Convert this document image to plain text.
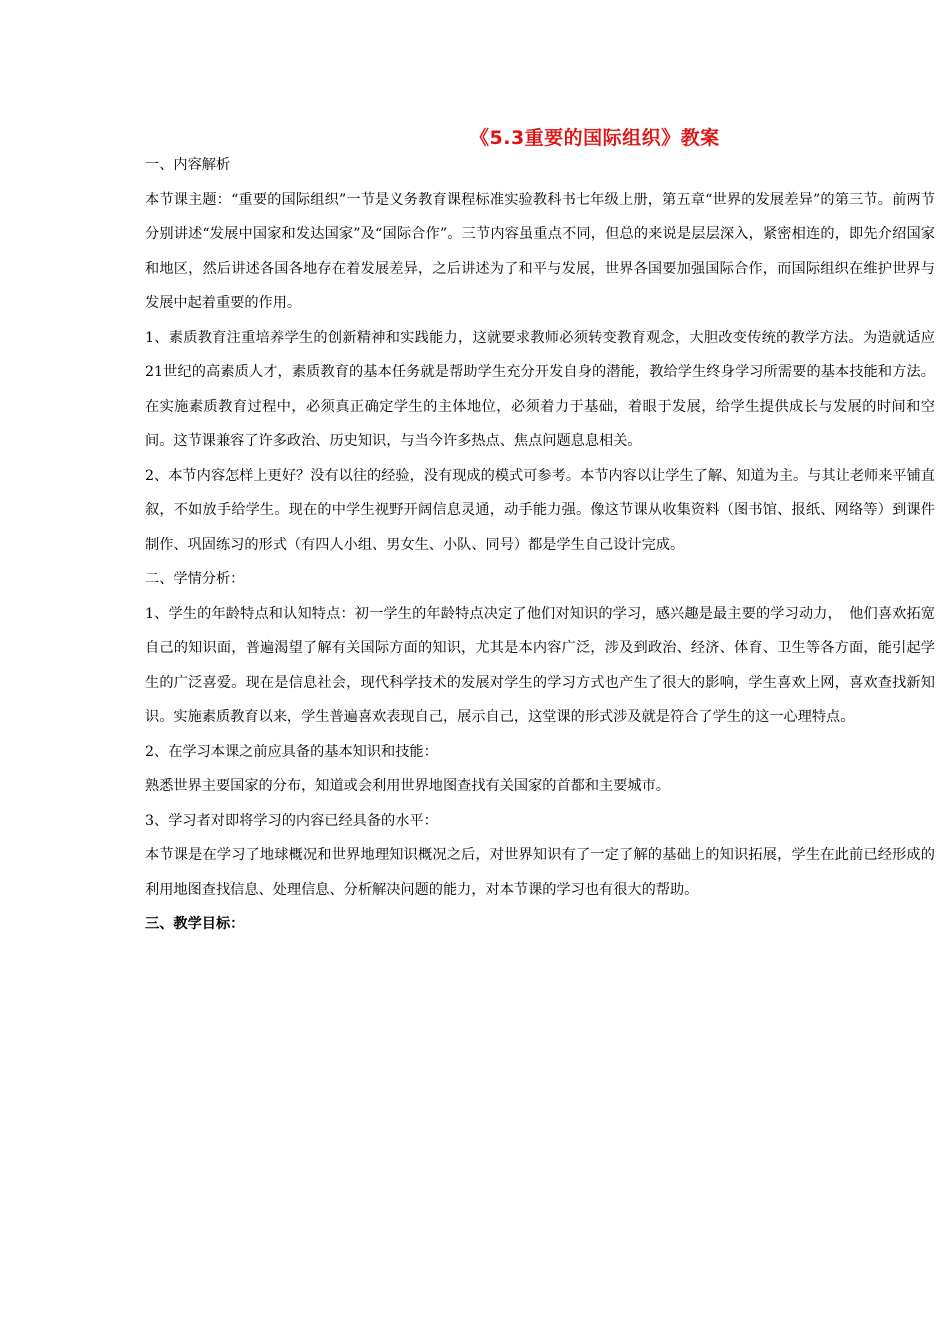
《5.3重要的国际组织》教案

一、内容解析

本节课主题：“重要的国际组织”一节是义务教育课程标准实验教科书七年级上册，第五章“世界的发展差异”的第三节。前两节分别讲述“发展中国家和发达国家”及“国际合作”。三节内容虽重点不同，但总的来说是层层深入，紧密相连的，即先介绍国家和地区，然后讲述各国各地存在着发展差异，之后讲述为了和平与发展，世界各国要加强国际合作，而国际组织在维护世界与发展中起着重要的作用。

1、素质教育注重培养学生的创新精神和实践能力，这就要求教师必须转变教育观念，大胆改变传统的教学方法。为造就适应21世纪的高素质人才，素质教育的基本任务就是帮助学生充分开发自身的潜能，教给学生终身学习所需要的基本技能和方法。在实施素质教育过程中，必须真正确定学生的主体地位，必须着力于基础，着眼于发展，给学生提供成长与发展的时间和空间。这节课兼容了许多政治、历史知识，与当今许多热点、焦点问题息息相关。

2、本节内容怎样上更好？没有以往的经验，没有现成的模式可参考。本节内容以让学生了解、知道为主。与其让老师来平铺直叙，不如放手给学生。现在的中学生视野开阔信息灵通，动手能力强。像这节课从收集资料（图书馆、报纸、网络等）到课件制作、巩固练习的形式（有四人小组、男女生、小队、同号）都是学生自己设计完成。

二、学情分析：

1、学生的年龄特点和认知特点：初一学生的年龄特点决定了他们对知识的学习，感兴趣是最主要的学习动力，　他们喜欢拓宽自己的知识面，普遍渴望了解有关国际方面的知识，尤其是本内容广泛，涉及到政治、经济、体育、卫生等各方面，能引起学生的广泛喜爱。现在是信息社会，现代科学技术的发展对学生的学习方式也产生了很大的影响，学生喜欢上网，喜欢查找新知识。实施素质教育以来，学生普遍喜欢表现自己，展示自己，这堂课的形式涉及就是符合了学生的这一心理特点。

2、在学习本课之前应具备的基本知识和技能：

熟悉世界主要国家的分布，知道或会利用世界地图查找有关国家的首都和主要城市。

3、学习者对即将学习的内容已经具备的水平：

本节课是在学习了地球概况和世界地理知识概况之后，对世界知识有了一定了解的基础上的知识拓展，学生在此前已经形成的利用地图查找信息、处理信息、分析解决问题的能力，对本节课的学习也有很大的帮助。

三、教学目标：
